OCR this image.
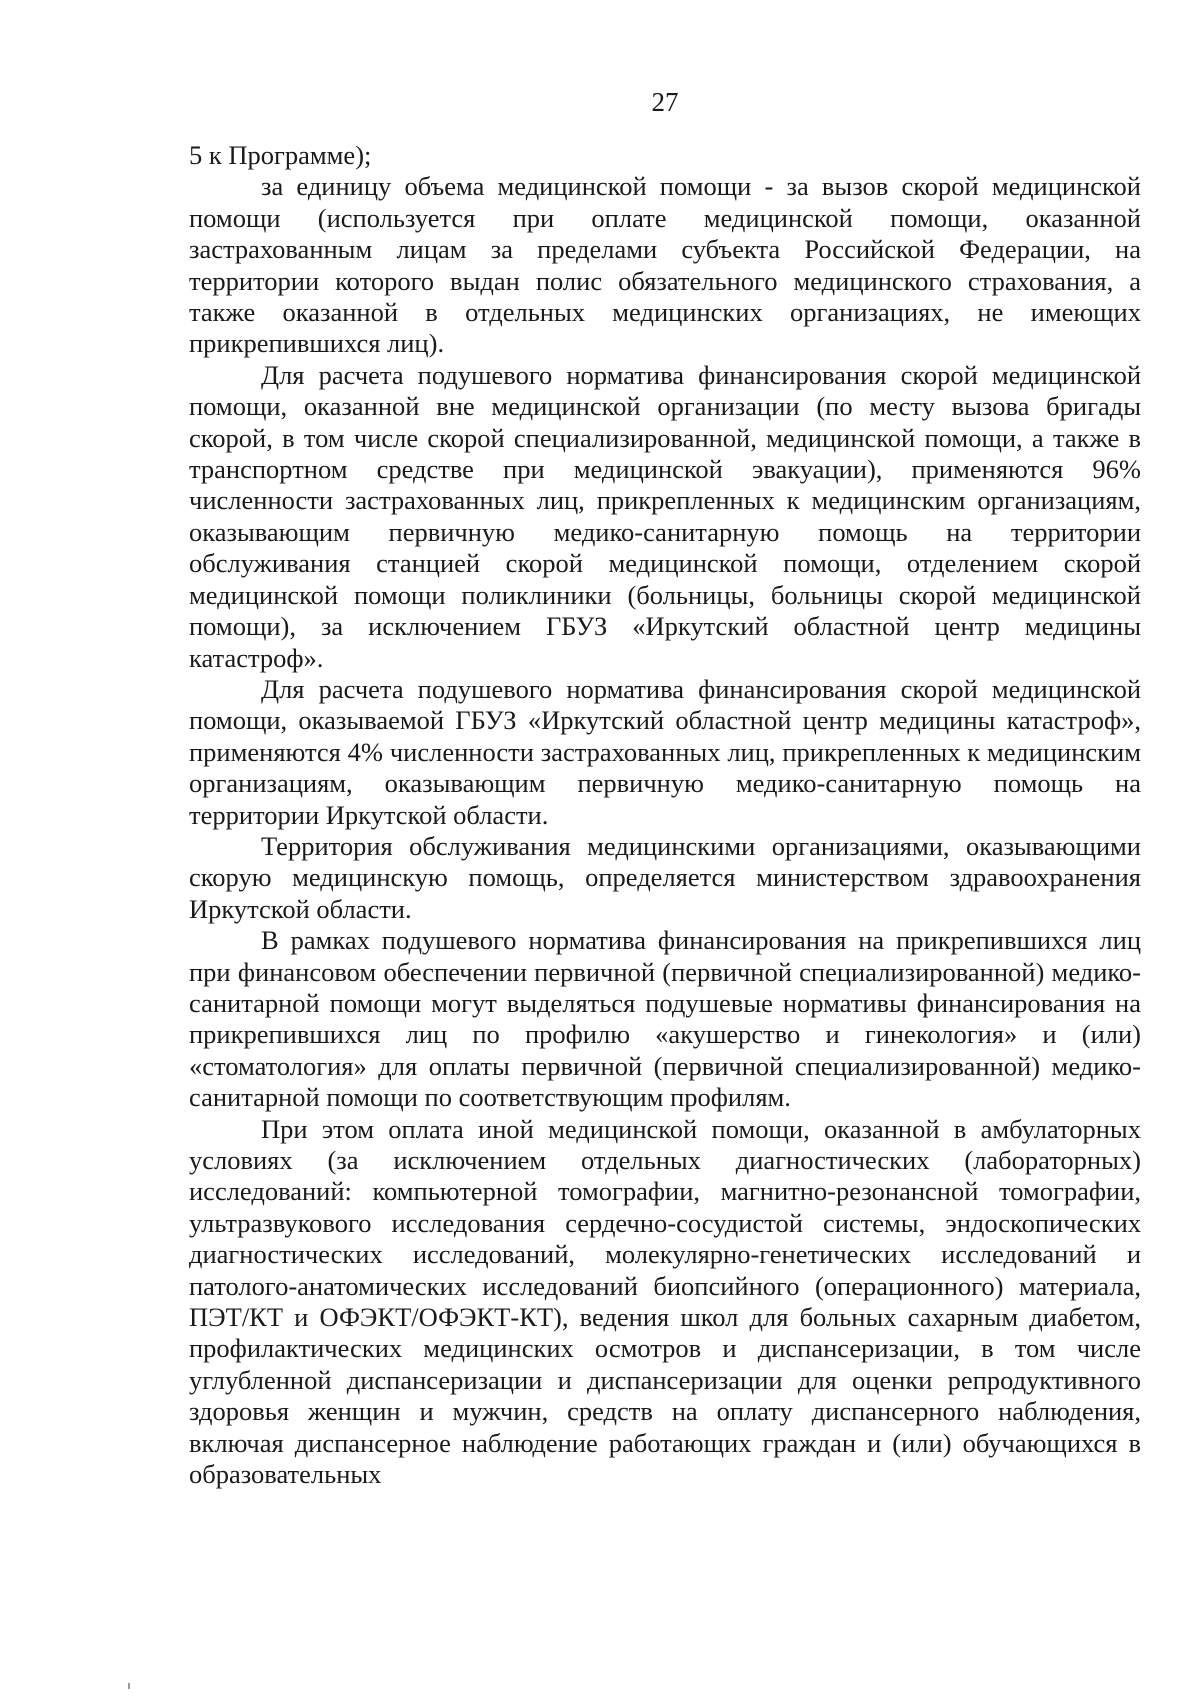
27

5 к Программе);

за единицу объема медицинской помощи - за вызов скорой медицинской помощи (используется при оплате медицинской помощи, оказанной застрахованным лицам за пределами субъекта Российской Федерации, на территории которого выдан полис обязательного медицинского страхования, а также оказанной в отдельных медицинских организациях, не имеющих прикрепившихся лиц).

Для расчета подушевого норматива финансирования скорой медицинской помощи, оказанной вне медицинской организации (по месту вызова бригады скорой, в том числе скорой специализированной, медицинской помощи, а также в транспортном средстве при медицинской эвакуации), применяются 96% численности застрахованных лиц, прикрепленных к медицинским организациям, оказывающим первичную медико-санитарную помощь на территории обслуживания станцией скорой медицинской помощи, отделением скорой медицинской помощи поликлиники (больницы, больницы скорой медицинской помощи), за исключением ГБУЗ «Иркутский областной центр медицины катастроф».

Для расчета подушевого норматива финансирования скорой медицинской помощи, оказываемой ГБУЗ «Иркутский областной центр медицины катастроф», применяются 4% численности застрахованных лиц, прикрепленных к медицинским организациям, оказывающим первичную медико-санитарную помощь на территории Иркутской области.

Территория обслуживания медицинскими организациями, оказывающими скорую медицинскую помощь, определяется министерством здравоохранения Иркутской области.

В рамках подушевого норматива финансирования на прикрепившихся лиц при финансовом обеспечении первичной (первичной специализированной) медико-санитарной помощи могут выделяться подушевые нормативы финансирования на прикрепившихся лиц по профилю «акушерство и гинекология» и (или) «стоматология» для оплаты первичной (первичной специализированной) медико-санитарной помощи по соответствующим профилям.

При этом оплата иной медицинской помощи, оказанной в амбулаторных условиях (за исключением отдельных диагностических (лабораторных) исследований: компьютерной томографии, магнитно-резонансной томографии, ультразвукового исследования сердечно-сосудистой системы, эндоскопических диагностических исследований, молекулярно-генетических исследований и патолого-анатомических исследований биопсийного (операционного) материала, ПЭТ/КТ и ОФЭКТ/ОФЭКТ-КТ), ведения школ для больных сахарным диабетом, профилактических медицинских осмотров и диспансеризации, в том числе углубленной диспансеризации и диспансеризации для оценки репродуктивного здоровья женщин и мужчин, средств на оплату диспансерного наблюдения, включая диспансерное наблюдение работающих граждан и (или) обучающихся в образовательных
